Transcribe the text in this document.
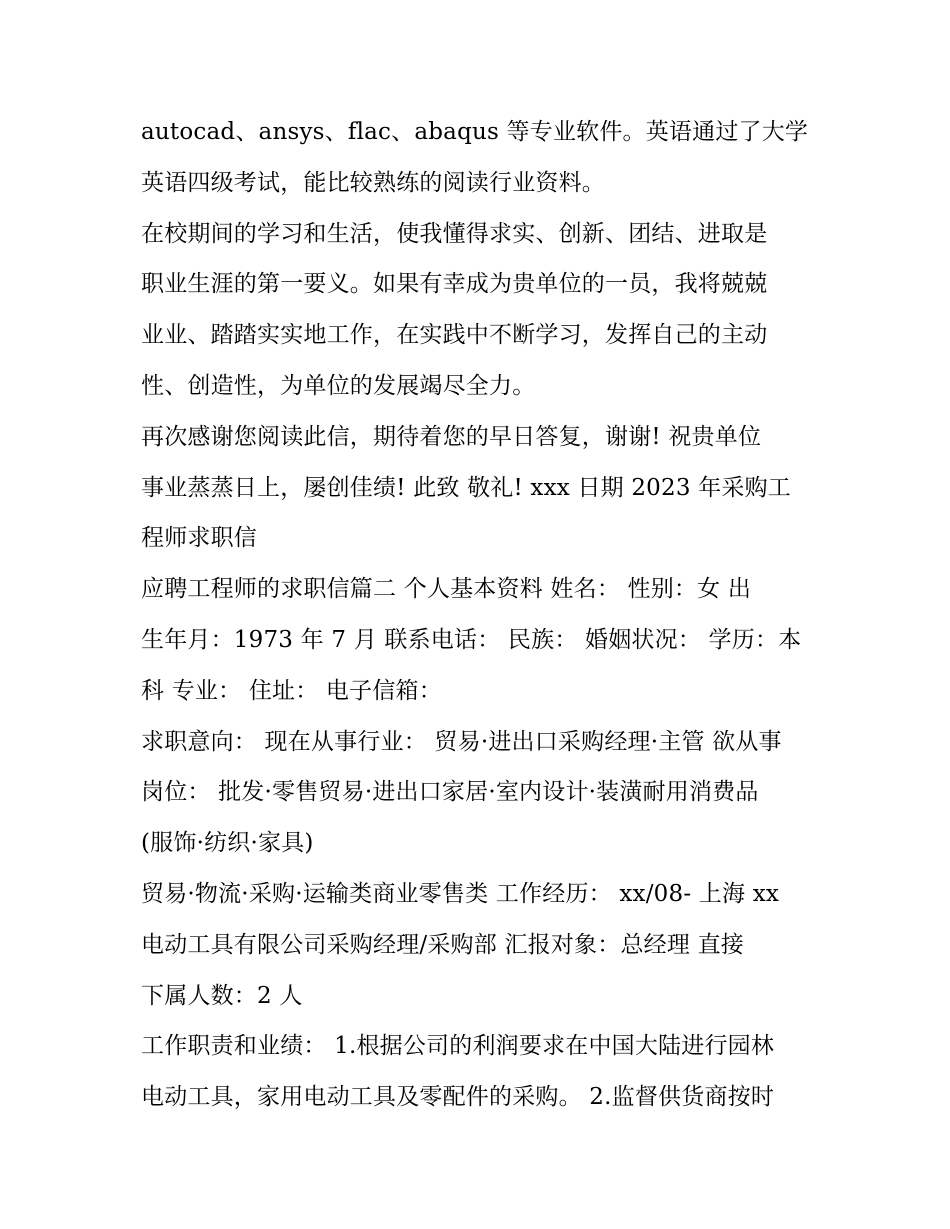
autocad、ansys、flac、abaqus 等专业软件。英语通过了大学
英语四级考试，能比较熟练的阅读行业资料。
在校期间的学习和生活，使我懂得求实、创新、团结、进取是
职业生涯的第一要义。如果有幸成为贵单位的一员，我将兢兢
业业、踏踏实实地工作，在实践中不断学习，发挥自己的主动
性、创造性，为单位的发展竭尽全力。
再次感谢您阅读此信，期待着您的早日答复，谢谢! 祝贵单位
事业蒸蒸日上，屡创佳绩! 此致 敬礼! xxx 日期 2023 年采购工
程师求职信
应聘工程师的求职信篇二 个人基本资料 姓名： 性别：女 出
生年月：1973 年 7 月 联系电话： 民族： 婚姻状况： 学历：本
科 专业： 住址： 电子信箱：
求职意向： 现在从事行业： 贸易·进出口采购经理·主管 欲从事
岗位： 批发·零售贸易·进出口家居·室内设计·装潢耐用消费品
(服饰·纺织·家具)
贸易·物流·采购·运输类商业零售类 工作经历： xx/08- 上海 xx
电动工具有限公司采购经理/采购部 汇报对象：总经理 直接
下属人数：2 人
工作职责和业绩： 1.根据公司的利润要求在中国大陆进行园林
电动工具，家用电动工具及零配件的采购。 2.监督供货商按时
